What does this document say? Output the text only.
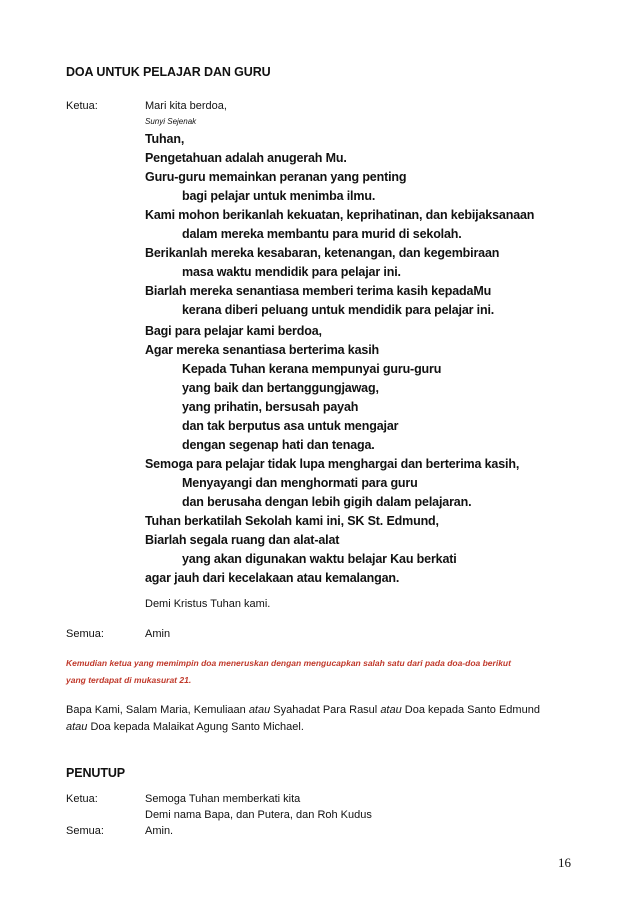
DOA UNTUK PELAJAR DAN GURU
Ketua:	Mari kita berdoa,
Sunyi Sejenak
Tuhan,
Pengetahuan adalah anugerah Mu.
Guru-guru memainkan peranan yang penting
bagi pelajar untuk menimba ilmu.
Kami mohon berikanlah kekuatan, keprihatinan, dan kebijaksanaan
dalam mereka membantu para murid di sekolah.
Berikanlah mereka kesabaran, ketenangan, dan kegembiraan
masa waktu mendidik para pelajar ini.
Biarlah mereka senantiasa memberi terima kasih kepadaMu
kerana diberi peluang untuk mendidik para pelajar ini.
Bagi para pelajar kami berdoa,
Agar mereka senantiasa berterima kasih
Kepada Tuhan kerana mempunyai guru-guru
yang baik dan bertanggungjawag,
yang prihatin, bersusah payah
dan tak berputus asa untuk mengajar
dengan segenap hati dan tenaga.
Semoga para pelajar tidak lupa menghargai dan berterima kasih,
Menyayangi dan menghormati para guru
dan berusaha dengan lebih gigih dalam pelajaran.
Tuhan berkatilah Sekolah kami ini, SK St. Edmund,
Biarlah segala ruang dan alat-alat
yang akan digunakan waktu belajar Kau berkati
agar jauh dari kecelakaan atau kemalangan.
Demi Kristus Tuhan kami.
Semua:	Amin
Kemudian ketua yang memimpin doa meneruskan dengan mengucapkan salah satu dari pada doa-doa berikut
yang terdapat di mukasurat 21.
Bapa Kami, Salam Maria, Kemuliaan atau Syahadat Para Rasul atau Doa kepada Santo Edmund
atau Doa kepada Malaikat Agung Santo Michael.
PENUTUP
Ketua:	Semoga Tuhan memberkati kita
Demi nama Bapa, dan Putera, dan Roh Kudus
Semua:	Amin.
16
